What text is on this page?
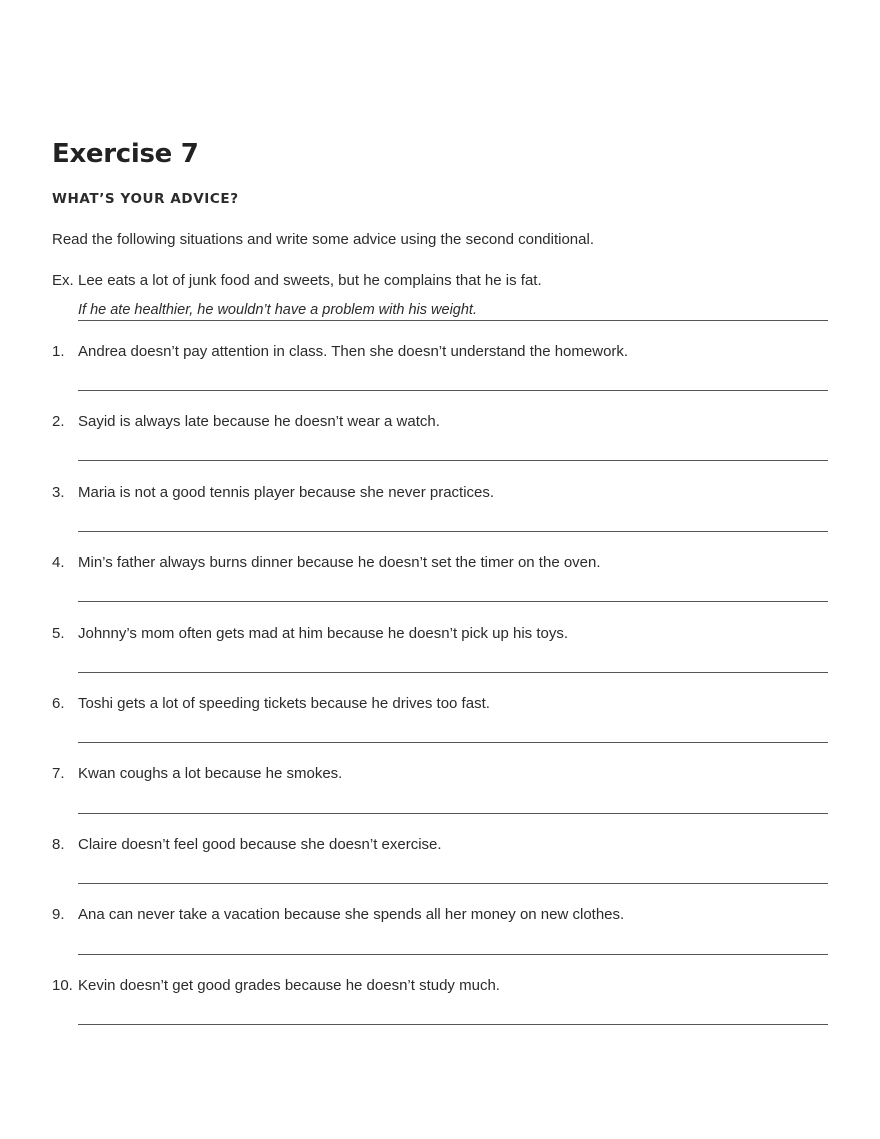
Exercise 7
WHAT’S YOUR ADVICE?
Read the following situations and write some advice using the second conditional.
Ex. Lee eats a lot of junk food and sweets, but he complains that he is fat.
If he ate healthier, he wouldn’t have a problem with his weight.
1. Andrea doesn’t pay attention in class. Then she doesn’t understand the homework.
2. Sayid is always late because he doesn’t wear a watch.
3. Maria is not a good tennis player because she never practices.
4. Min’s father always burns dinner because he doesn’t set the timer on the oven.
5. Johnny’s mom often gets mad at him because he doesn’t pick up his toys.
6. Toshi gets a lot of speeding tickets because he drives too fast.
7. Kwan coughs a lot because he smokes.
8. Claire doesn’t feel good because she doesn’t exercise.
9. Ana can never take a vacation because she spends all her money on new clothes.
10. Kevin doesn’t get good grades because he doesn’t study much.
